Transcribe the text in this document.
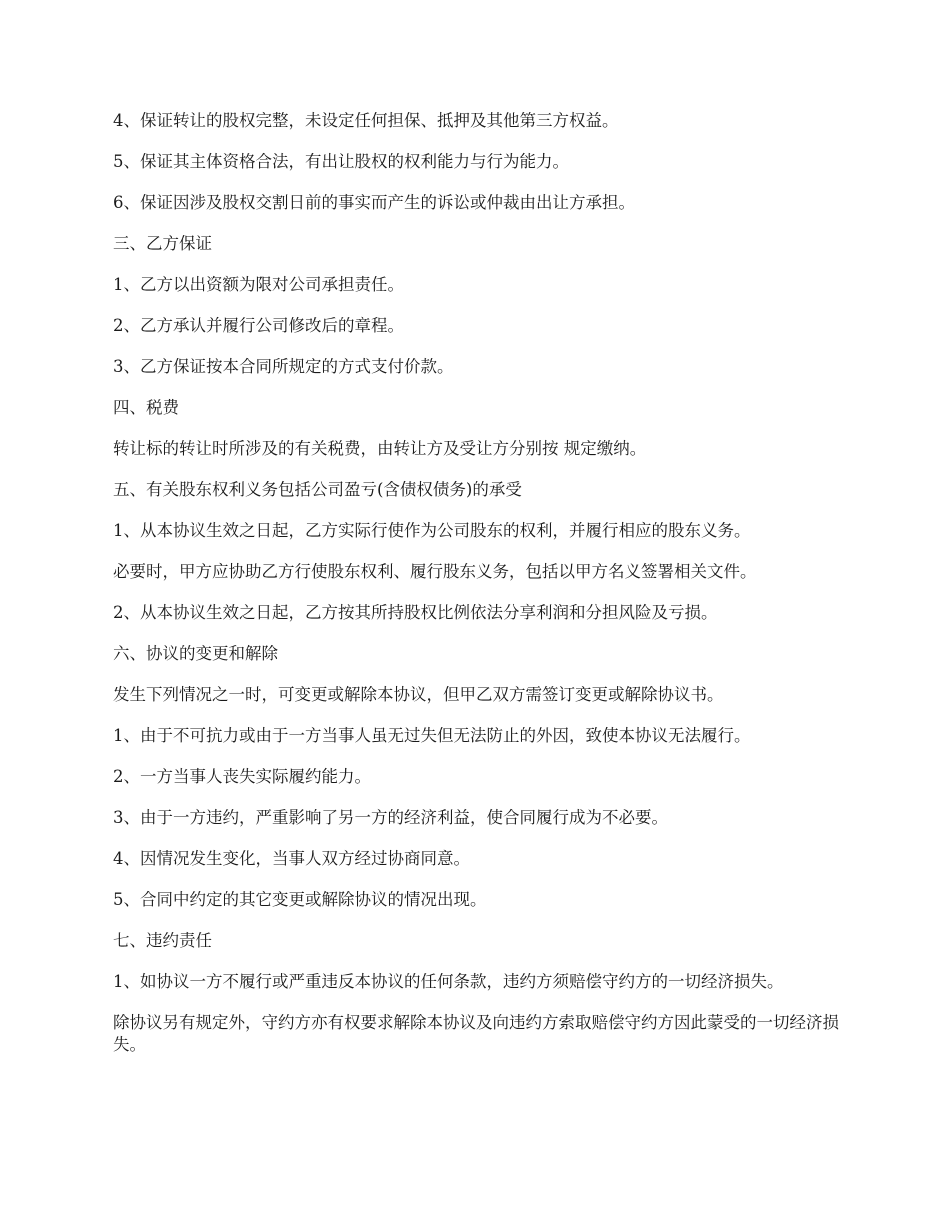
4、保证转让的股权完整，未设定任何担保、抵押及其他第三方权益。

5、保证其主体资格合法，有出让股权的权利能力与行为能力。

6、保证因涉及股权交割日前的事实而产生的诉讼或仲裁由出让方承担。

三、乙方保证

1、乙方以出资额为限对公司承担责任。

2、乙方承认并履行公司修改后的章程。

3、乙方保证按本合同所规定的方式支付价款。

四、税费

转让标的转让时所涉及的有关税费，由转让方及受让方分别按 规定缴纳。

五、有关股东权利义务包括公司盈亏(含债权债务)的承受

1、从本协议生效之日起，乙方实际行使作为公司股东的权利，并履行相应的股东义务。

必要时，甲方应协助乙方行使股东权利、履行股东义务，包括以甲方名义签署相关文件。

2、从本协议生效之日起，乙方按其所持股权比例依法分享利润和分担风险及亏损。

六、协议的变更和解除

发生下列情况之一时，可变更或解除本协议，但甲乙双方需签订变更或解除协议书。

1、由于不可抗力或由于一方当事人虽无过失但无法防止的外因，致使本协议无法履行。

2、一方当事人丧失实际履约能力。

3、由于一方违约，严重影响了另一方的经济利益，使合同履行成为不必要。

4、因情况发生变化，当事人双方经过协商同意。

5、合同中约定的其它变更或解除协议的情况出现。

七、违约责任

1、如协议一方不履行或严重违反本协议的任何条款，违约方须赔偿守约方的一切经济损失。

除协议另有规定外，守约方亦有权要求解除本协议及向违约方索取赔偿守约方因此蒙受的一切经济损失。
